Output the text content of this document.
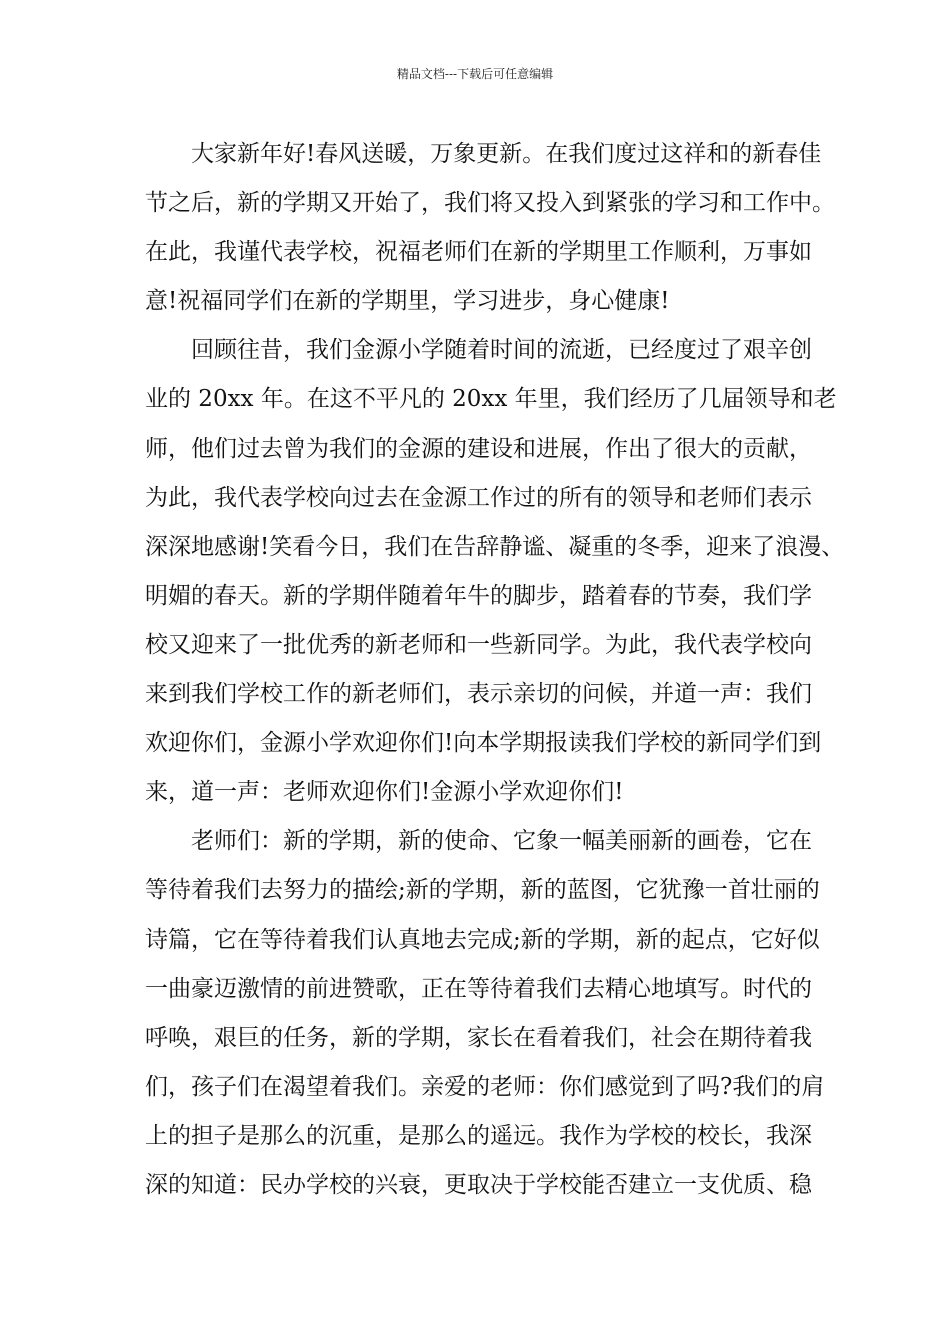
精品文档---下载后可任意编辑
大家新年好!春风送暖，万象更新。在我们度过这祥和的新春佳
节之后，新的学期又开始了，我们将又投入到紧张的学习和工作中。
在此，我谨代表学校，祝福老师们在新的学期里工作顺利，万事如
意!祝福同学们在新的学期里，学习进步，身心健康!
回顾往昔，我们金源小学随着时间的流逝，已经度过了艰辛创
业的 20xx 年。在这不平凡的 20xx 年里，我们经历了几届领导和老
师，他们过去曾为我们的金源的建设和进展，作出了很大的贡献，
为此，我代表学校向过去在金源工作过的所有的领导和老师们表示
深深地感谢!笑看今日，我们在告辞静谧、凝重的冬季，迎来了浪漫、
明媚的春天。新的学期伴随着年牛的脚步，踏着春的节奏，我们学
校又迎来了一批优秀的新老师和一些新同学。为此，我代表学校向
来到我们学校工作的新老师们，表示亲切的问候，并道一声：我们
欢迎你们，金源小学欢迎你们!向本学期报读我们学校的新同学们到
来，道一声：老师欢迎你们!金源小学欢迎你们!
老师们：新的学期，新的使命、它象一幅美丽新的画卷，它在
等待着我们去努力的描绘;新的学期，新的蓝图，它犹豫一首壮丽的
诗篇，它在等待着我们认真地去完成;新的学期，新的起点，它好似
一曲豪迈激情的前进赞歌，正在等待着我们去精心地填写。时代的
呼唤，艰巨的任务，新的学期，家长在看着我们，社会在期待着我
们，孩子们在渴望着我们。亲爱的老师：你们感觉到了吗?我们的肩
上的担子是那么的沉重，是那么的遥远。我作为学校的校长，我深
深的知道：民办学校的兴衰，更取决于学校能否建立一支优质、稳
